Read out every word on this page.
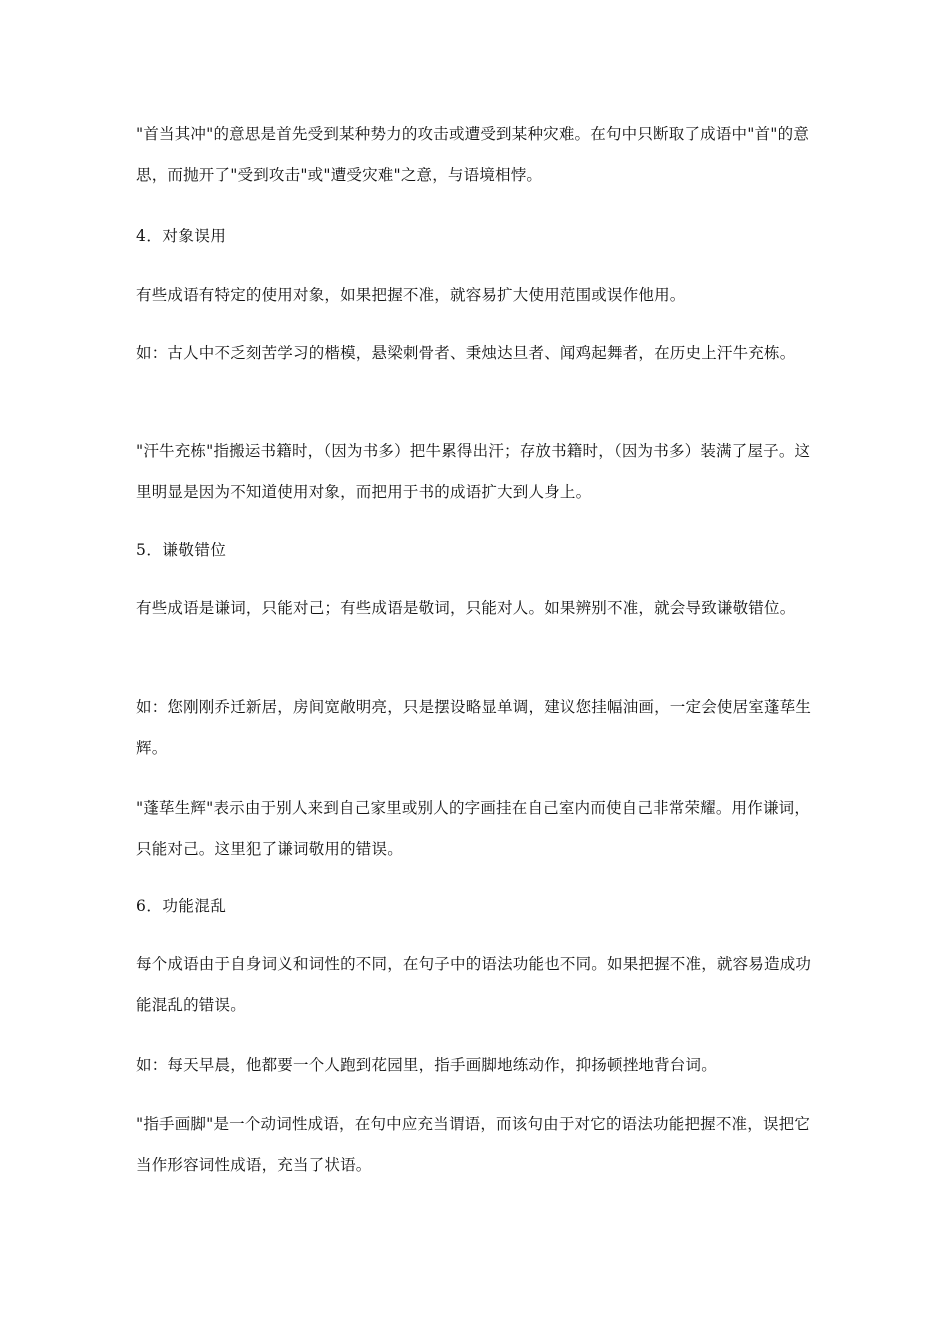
"首当其冲"的意思是首先受到某种势力的攻击或遭受到某种灾难。在句中只断取了成语中"首"的意思，而抛开了"受到攻击"或"遭受灾难"之意，与语境相悖。

4．对象误用

有些成语有特定的使用对象，如果把握不准，就容易扩大使用范围或误作他用。

如：古人中不乏刻苦学习的楷模，悬梁刺骨者、秉烛达旦者、闻鸡起舞者，在历史上汗牛充栋。

"汗牛充栋"指搬运书籍时，（因为书多）把牛累得出汗；存放书籍时，（因为书多）装满了屋子。这里明显是因为不知道使用对象，而把用于书的成语扩大到人身上。

5．谦敬错位

有些成语是谦词，只能对己；有些成语是敬词，只能对人。如果辨别不准，就会导致谦敬错位。

如：您刚刚乔迁新居，房间宽敞明亮，只是摆设略显单调，建议您挂幅油画，一定会使居室蓬荜生辉。

"蓬荜生辉"表示由于别人来到自己家里或别人的字画挂在自己室内而使自己非常荣耀。用作谦词，只能对己。这里犯了谦词敬用的错误。

6．功能混乱

每个成语由于自身词义和词性的不同，在句子中的语法功能也不同。如果把握不准，就容易造成功能混乱的错误。

如：每天早晨，他都要一个人跑到花园里，指手画脚地练动作，抑扬顿挫地背台词。

"指手画脚"是一个动词性成语，在句中应充当谓语，而该句由于对它的语法功能把握不准，误把它当作形容词性成语，充当了状语。
